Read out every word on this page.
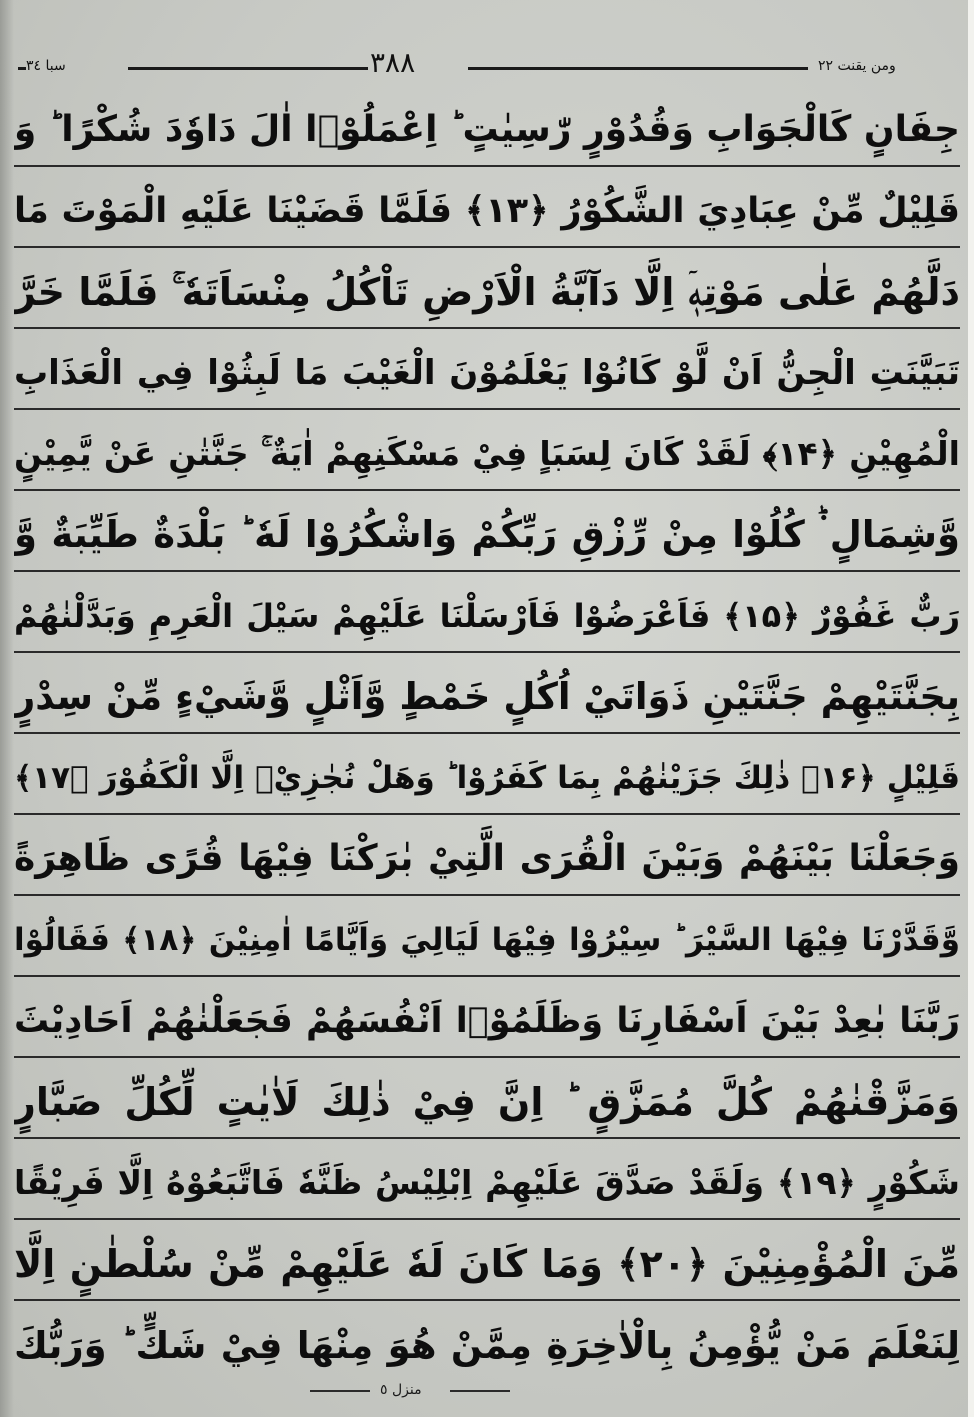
سبا ٣٤	٣٨٨	ومن يقنت ٢٢
جِفَانٍ كَالْجَوَابِ وَقُدُوْرٍ رّٰسِيٰتٍ ؕ اِعْمَلُوْۤا اٰلَ دَاوٗدَ شُكْرًا ؕ وَ
قَلِيْلٌ مِّنْ عِبَادِيَ الشَّكُوْرُ ﴿۱۳﴾ فَلَمَّا قَضَيْنَا عَلَيْهِ الْمَوْتَ مَا
دَلَّهُمْ عَلٰى مَوْتِهٖۤ اِلَّا دَآبَّةُ الْاَرْضِ تَاْكُلُ مِنْسَاَتَهٗ ۚ فَلَمَّا خَرَّ
تَبَيَّنَتِ الْجِنُّ اَنْ لَّوْ كَانُوْا يَعْلَمُوْنَ الْغَيْبَ مَا لَبِثُوْا فِي الْعَذَابِ
الْمُهِيْنِ ﴿۱۴﴾ لَقَدْ كَانَ لِسَبَاٍ فِيْ مَسْكَنِهِمْ اٰيَةٌ ۚ جَنَّتٰنِ عَنْ يَّمِيْنٍ
وَّشِمَالٍ ۬ؕ كُلُوْا مِنْ رِّزْقِ رَبِّكُمْ وَاشْكُرُوْا لَهٗ ؕ بَلْدَةٌ طَيِّبَةٌ وَّ
رَبٌّ غَفُوْرٌ ﴿۱۵﴾ فَاَعْرَضُوْا فَاَرْسَلْنَا عَلَيْهِمْ سَيْلَ الْعَرِمِ وَبَدَّلْنٰهُمْ
بِجَنَّتَيْهِمْ جَنَّتَيْنِ ذَوَاتَيْ اُكُلٍ خَمْطٍ وَّاَثْلٍ وَّشَيْءٍ مِّنْ سِدْرٍ
قَلِيْلٍ ﴿۱۶﴾ ذٰلِكَ جَزَيْنٰهُمْ بِمَا كَفَرُوْا ؕ وَهَلْ نُجٰزِيْۤ اِلَّا الْكَفُوْرَ ﴿۱۷﴾
وَجَعَلْنَا بَيْنَهُمْ وَبَيْنَ الْقُرَى الَّتِيْ بٰرَكْنَا فِيْهَا قُرًى ظَاهِرَةً
وَّقَدَّرْنَا فِيْهَا السَّيْرَ ؕ سِيْرُوْا فِيْهَا لَيَالِيَ وَاَيَّامًا اٰمِنِيْنَ ﴿۱۸﴾ فَقَالُوْا
رَبَّنَا بٰعِدْ بَيْنَ اَسْفَارِنَا وَظَلَمُوْۤا اَنْفُسَهُمْ فَجَعَلْنٰهُمْ اَحَادِيْثَ
وَمَزَّقْنٰهُمْ كُلَّ مُمَزَّقٍ ؕ اِنَّ فِيْ ذٰلِكَ لَاٰيٰتٍ لِّكُلِّ صَبَّارٍ
شَكُوْرٍ ﴿۱۹﴾ وَلَقَدْ صَدَّقَ عَلَيْهِمْ اِبْلِيْسُ ظَنَّهٗ فَاتَّبَعُوْهُ اِلَّا فَرِيْقًا
مِّنَ الْمُؤْمِنِيْنَ ﴿۲۰﴾ وَمَا كَانَ لَهٗ عَلَيْهِمْ مِّنْ سُلْطٰنٍ اِلَّا
لِنَعْلَمَ مَنْ يُّؤْمِنُ بِالْاٰخِرَةِ مِمَّنْ هُوَ مِنْهَا فِيْ شَكٍّ ؕ وَرَبُّكَ
منزل ٥
